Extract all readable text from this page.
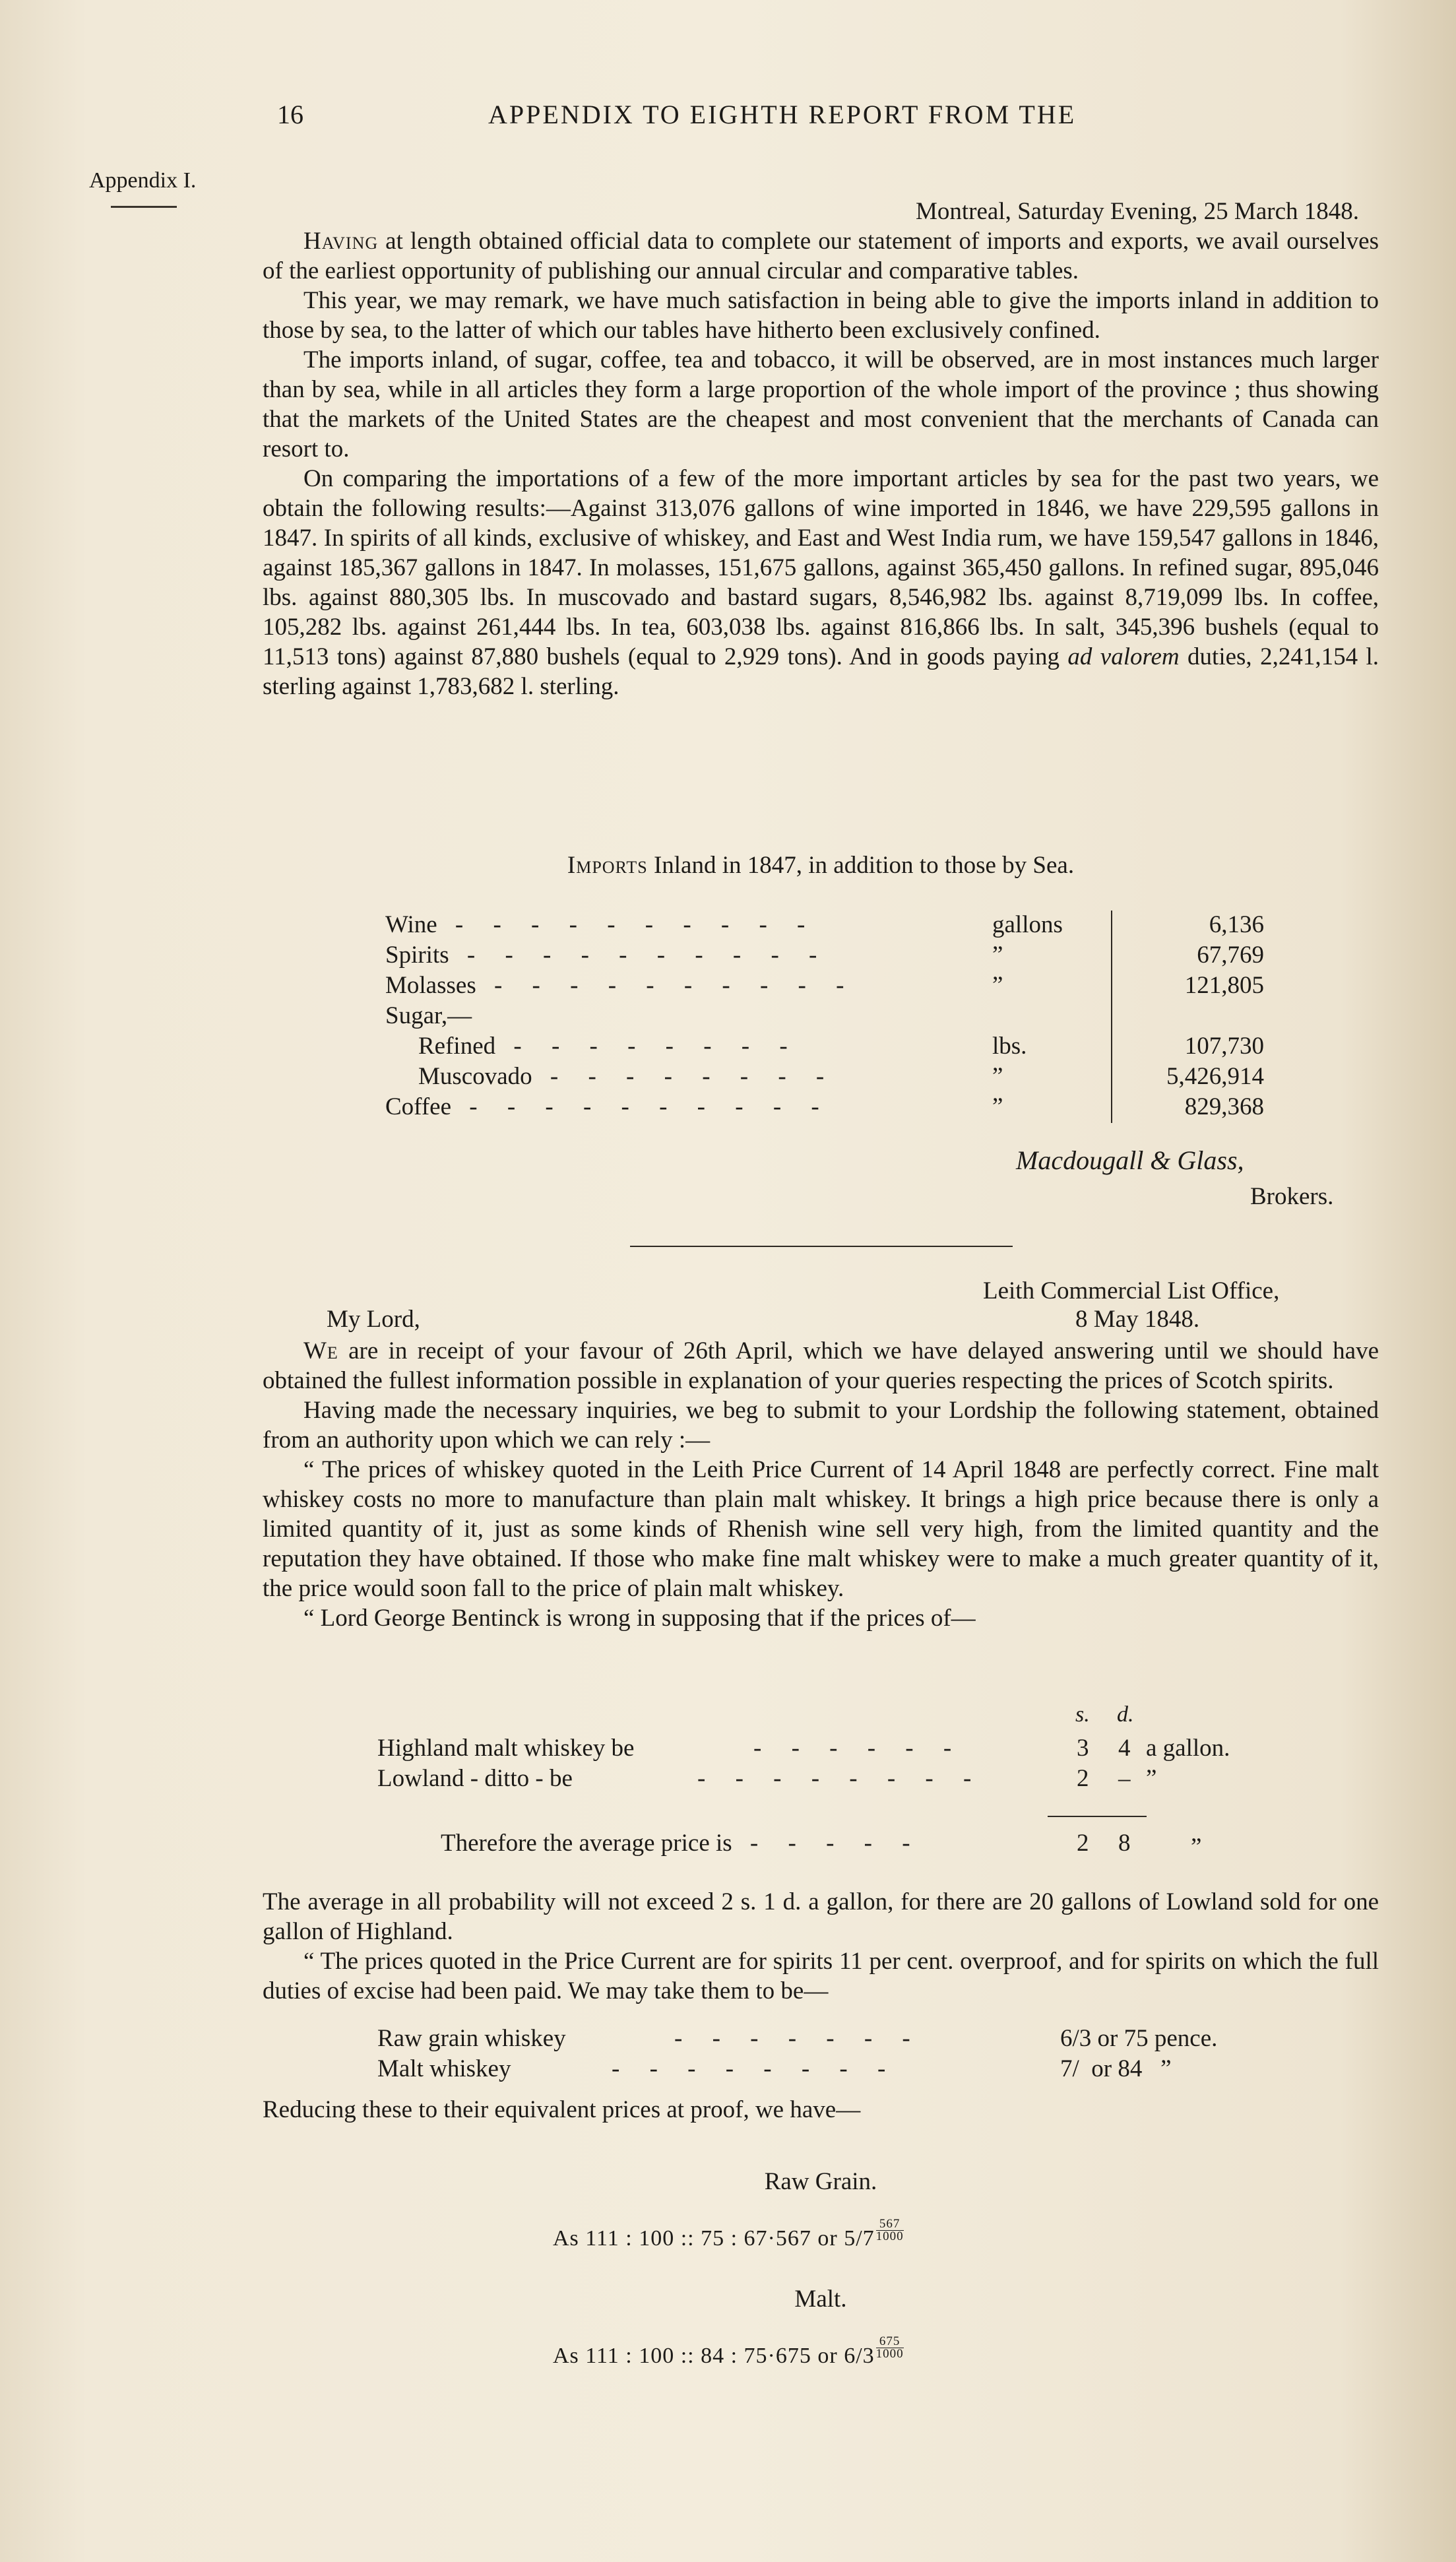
16	APPENDIX TO EIGHTH REPORT FROM THE
Appendix I.
Montreal, Saturday Evening, 25 March 1848.

Having at length obtained official data to complete our statement of imports and exports, we avail ourselves of the earliest opportunity of publishing our annual circular and comparative tables.

This year, we may remark, we have much satisfaction in being able to give the imports inland in addition to those by sea, to the latter of which our tables have hitherto been exclusively confined.

The imports inland, of sugar, coffee, tea and tobacco, it will be observed, are in most instances much larger than by sea, while in all articles they form a large proportion of the whole import of the province ; thus showing that the markets of the United States are the cheapest and most convenient that the merchants of Canada can resort to.

On comparing the importations of a few of the more important articles by sea for the past two years, we obtain the following results:—Against 313,076 gallons of wine imported in 1846, we have 229,595 gallons in 1847. In spirits of all kinds, exclusive of whiskey, and East and West India rum, we have 159,547 gallons in 1846, against 185,367 gallons in 1847. In molasses, 151,675 gallons, against 365,450 gallons. In refined sugar, 895,046 lbs. against 880,305 lbs. In muscovado and bastard sugars, 8,546,982 lbs. against 8,719,099 lbs. In coffee, 105,282 lbs. against 261,444 lbs. In tea, 603,038 lbs. against 816,866 lbs. In salt, 345,396 bushels (equal to 11,513 tons) against 87,880 bushels (equal to 2,929 tons). And in goods paying ad valorem duties, 2,241,154 l. sterling against 1,783,682 l. sterling.

Imports Inland in 1847, in addition to those by Sea.
Wine - - - - - - - - - -	gallons	6,136
Spirits - - - - - - - - - -	”	67,769
Molasses - - - - - - - - - -	”	121,805
Sugar,—		
Refined - - - - - - - -	lbs.	107,730
Muscovado - - - - - - - -	”	5,426,914
Coffee - - - - - - - - - -	”	829,368
Macdougall & Glass,
Brokers.
Leith Commercial List Office,
My Lord,	8 May 1848.

We are in receipt of your favour of 26th April, which we have delayed answering until we should have obtained the fullest information possible in explanation of your queries respecting the prices of Scotch spirits.

Having made the necessary inquiries, we beg to submit to your Lordship the following statement, obtained from an authority upon which we can rely :—

“ The prices of whiskey quoted in the Leith Price Current of 14 April 1848 are perfectly correct. Fine malt whiskey costs no more to manufacture than plain malt whiskey. It brings a high price because there is only a limited quantity of it, just as some kinds of Rhenish wine sell very high, from the limited quantity and the reputation they have obtained. If those who make fine malt whiskey were to make a much greater quantity of it, the price would soon fall to the price of plain malt whiskey.

“ Lord George Bentinck is wrong in supposing that if the prices of—

s. d.
Highland malt whiskey be	- - - - - -	3 4 a gallon.
Lowland - ditto - be	- - - - - - - -	2 – ”
Therefore the average price is - - - - -	2 8 ”

The average in all probability will not exceed 2 s. 1 d. a gallon, for there are 20 gallons of Lowland sold for one gallon of Highland.

“ The prices quoted in the Price Current are for spirits 11 per cent. overproof, and for spirits on which the full duties of excise had been paid. We may take them to be—

Raw grain whiskey	- - - - - - -	6/3 or 75 pence.
Malt whiskey	- - - - - - - -	7/  or 84   ”
Reducing these to their equivalent prices at proof, we have—
Raw Grain.
As 111 : 100 :: 75 : 67·567 or $5/7 \frac{567}{1000}$
Malt.
As 111 : 100 :: 84 : 75·675 or $6/3 \frac{675}{1000}$
